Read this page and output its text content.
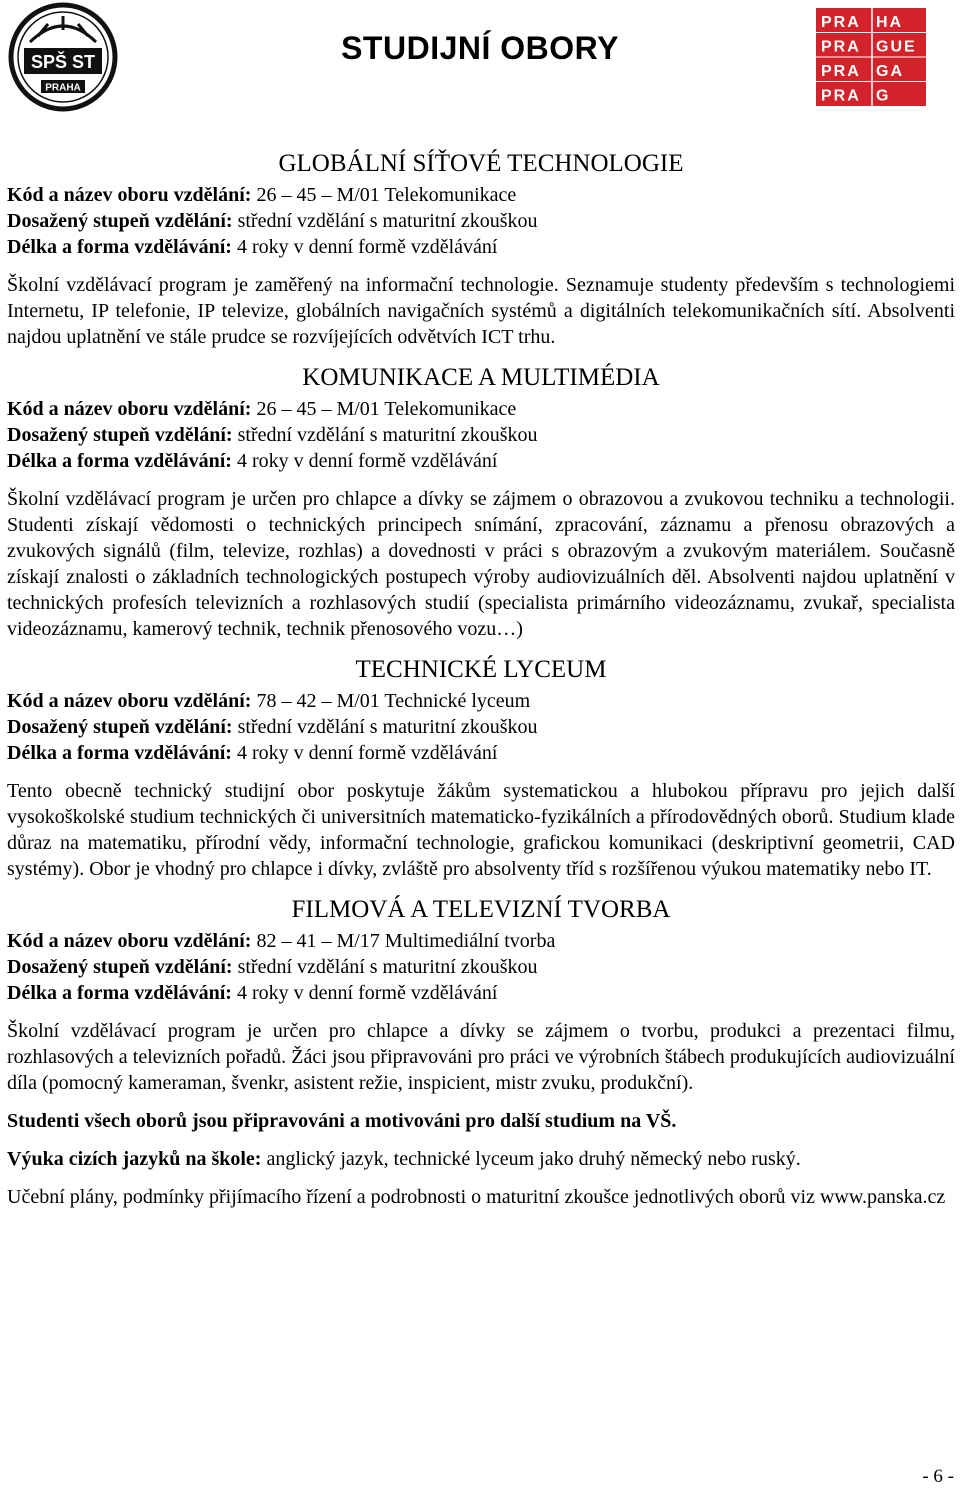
SPŠ ST
PRAHA
STUDIJNÍ OBORY
PRA HA
PRA GUE
PRA GA
PRA G
GLOBÁLNÍ SÍŤOVÉ TECHNOLOGIE

Kód a název oboru vzdělání: 26 – 45 – M/01 Telekomunikace

Dosažený stupeň vzdělání: střední vzdělání s maturitní zkouškou

Délka a forma vzdělávání: 4 roky v denní formě vzdělávání

Školní vzdělávací program je zaměřený na informační technologie. Seznamuje studenty především s technologiemi Internetu, IP telefonie, IP televize, globálních navigačních systémů a digitálních telekomunikačních sítí. Absolventi najdou uplatnění ve stále prudce se rozvíjejících odvětvích ICT trhu.

KOMUNIKACE A MULTIMÉDIA

Kód a název oboru vzdělání: 26 – 45 – M/01 Telekomunikace

Dosažený stupeň vzdělání: střední vzdělání s maturitní zkouškou

Délka a forma vzdělávání: 4 roky v denní formě vzdělávání

Školní vzdělávací program je určen pro chlapce a dívky se zájmem o obrazovou a zvukovou techniku a technologii. Studenti získají vědomosti o technických principech snímání, zpracování, záznamu a přenosu obrazových a zvukových signálů (film, televize, rozhlas) a dovednosti v práci s obrazovým a zvukovým materiálem. Současně získají znalosti o základních technologických postupech výroby audiovizuálních děl. Absolventi najdou uplatnění v technických profesích televizních a rozhlasových studií (specialista primárního videozáznamu, zvukař, specialista videozáznamu, kamerový technik, technik přenosového vozu…)

TECHNICKÉ LYCEUM

Kód a název oboru vzdělání: 78 – 42 – M/01 Technické lyceum

Dosažený stupeň vzdělání: střední vzdělání s maturitní zkouškou

Délka a forma vzdělávání: 4 roky v denní formě vzdělávání

Tento obecně technický studijní obor poskytuje žákům systematickou a hlubokou přípravu pro jejich další vysokoškolské studium technických či universitních matematicko-fyzikálních a přírodovědných oborů. Studium klade důraz na matematiku, přírodní vědy, informační technologie, grafickou komunikaci (deskriptivní geometrii, CAD systémy). Obor je vhodný pro chlapce i dívky, zvláště pro absolventy tříd s rozšířenou výukou matematiky nebo IT.

FILMOVÁ A TELEVIZNÍ TVORBA

Kód a název oboru vzdělání: 82 – 41 – M/17 Multimediální tvorba

Dosažený stupeň vzdělání: střední vzdělání s maturitní zkouškou

Délka a forma vzdělávání: 4 roky v denní formě vzdělávání

Školní vzdělávací program je určen pro chlapce a dívky se zájmem o tvorbu, produkci a prezentaci filmu, rozhlasových a televizních pořadů. Žáci jsou připravováni pro práci ve výrobních štábech produkujících audiovizuální díla (pomocný kameraman, švenkr, asistent režie, inspicient, mistr zvuku, produkční).

Studenti všech oborů jsou připravováni a motivováni pro další studium na VŠ.

Výuka cizích jazyků na škole: anglický jazyk, technické lyceum jako druhý německý nebo ruský.

Učební plány, podmínky přijímacího řízení a podrobnosti o maturitní zkoušce jednotlivých oborů viz www.panska.cz

- 6 -
